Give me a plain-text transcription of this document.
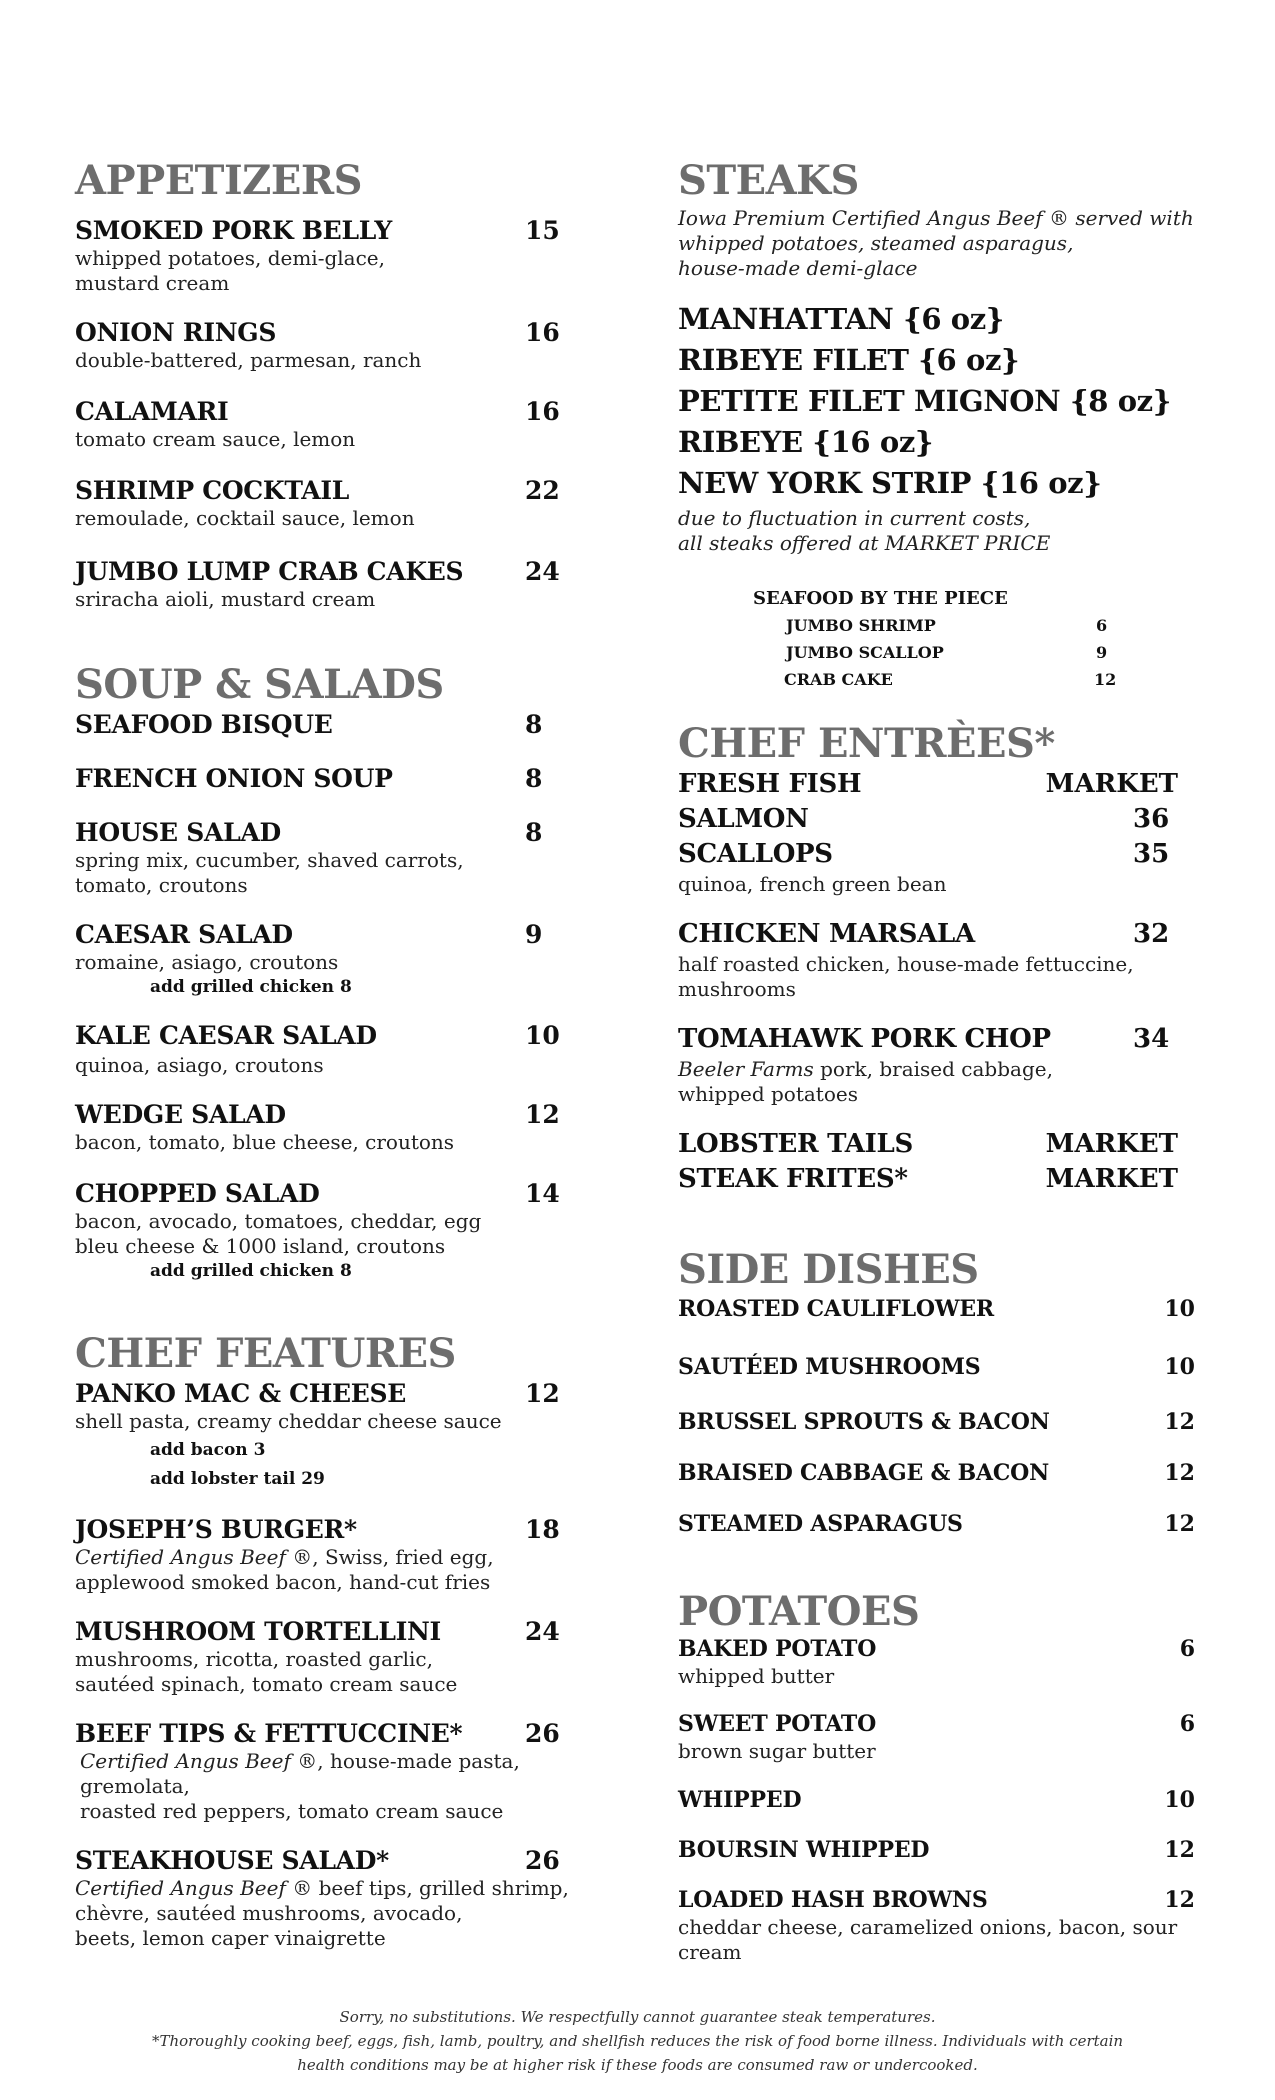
APPETIZERS
SMOKED PORK BELLY	15
whipped potatoes, demi-glace,
mustard cream
ONION RINGS	16
double-battered, parmesan, ranch
CALAMARI	16
tomato cream sauce, lemon
SHRIMP COCKTAIL	22
remoulade, cocktail sauce, lemon
JUMBO LUMP CRAB CAKES	24
sriracha aioli, mustard cream
SOUP & SALADS
SEAFOOD BISQUE	8
FRENCH ONION SOUP	8
HOUSE SALAD	8
spring mix, cucumber, shaved carrots,
tomato, croutons
CAESAR SALAD	9
romaine, asiago, croutons
add grilled chicken 8
KALE CAESAR SALAD	10
quinoa, asiago, croutons
WEDGE SALAD	12
bacon, tomato, blue cheese, croutons
CHOPPED SALAD	14
bacon, avocado, tomatoes, cheddar, egg
bleu cheese & 1000 island, croutons
add grilled chicken 8
CHEF FEATURES
PANKO MAC & CHEESE	12
shell pasta, creamy cheddar cheese sauce
add bacon 3
add lobster tail 29
JOSEPH’S BURGER*	18
Certified Angus Beef ®, Swiss, fried egg,
applewood smoked bacon, hand-cut fries
MUSHROOM TORTELLINI	24
mushrooms, ricotta, roasted garlic,
sautéed spinach, tomato cream sauce
BEEF TIPS & FETTUCCINE*	26
Certified Angus Beef ®, house-made pasta, gremolata,
roasted red peppers, tomato cream sauce
STEAKHOUSE SALAD*	26
Certified Angus Beef ® beef tips, grilled shrimp,
chèvre, sautéed mushrooms, avocado,
beets, lemon caper vinaigrette
STEAKS
Iowa Premium Certified Angus Beef ® served with
whipped potatoes, steamed asparagus,
house-made demi-glace
MANHATTAN {6 oz}
RIBEYE FILET {6 oz}
PETITE FILET MIGNON {8 oz}
RIBEYE {16 oz}
NEW YORK STRIP {16 oz}
due to fluctuation in current costs,
all steaks offered at MARKET PRICE
SEAFOOD BY THE PIECE
JUMBO SHRIMP	6
JUMBO SCALLOP	9
CRAB CAKE	12
CHEF ENTRÈES*
FRESH FISH	MARKET
SALMON	36
SCALLOPS	35
quinoa, french green bean
CHICKEN MARSALA	32
half roasted chicken, house-made fettuccine,
mushrooms
TOMAHAWK PORK CHOP	34
Beeler Farms pork, braised cabbage,
whipped potatoes
LOBSTER TAILS	MARKET
STEAK FRITES*	MARKET
SIDE DISHES
ROASTED CAULIFLOWER	10
SAUTÉED MUSHROOMS	10
BRUSSEL SPROUTS & BACON	12
BRAISED CABBAGE & BACON	12
STEAMED ASPARAGUS	12
POTATOES
BAKED POTATO	6
whipped butter
SWEET POTATO	6
brown sugar butter
WHIPPED	10
BOURSIN WHIPPED	12
LOADED HASH BROWNS	12
cheddar cheese, caramelized onions, bacon, sour cream
Sorry, no substitutions. We respectfully cannot guarantee steak temperatures.
*Thoroughly cooking beef, eggs, fish, lamb, poultry, and shellfish reduces the risk of food borne illness. Individuals with certain
health conditions may be at higher risk if these foods are consumed raw or undercooked.
